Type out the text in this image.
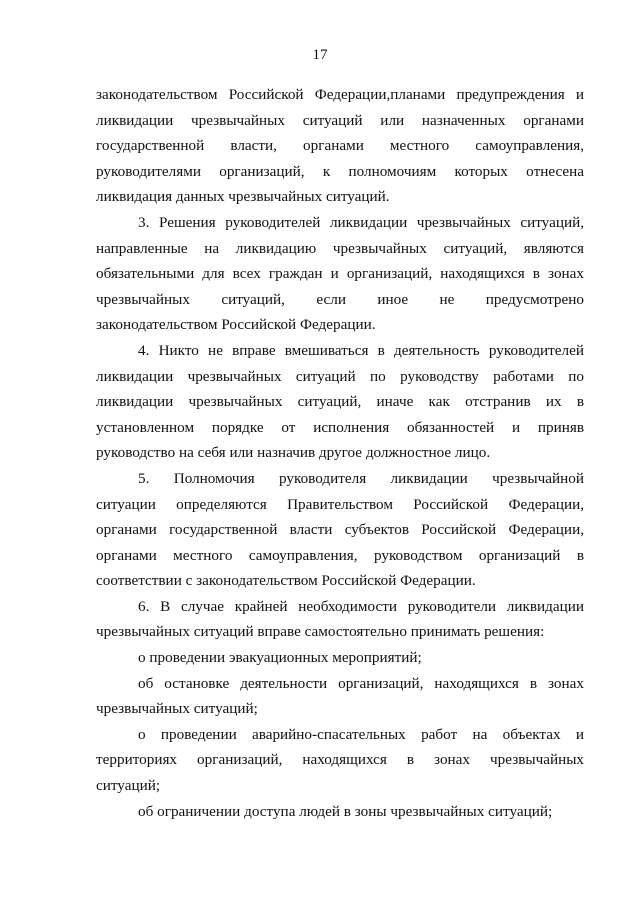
17
законодательством Российской Федерации,планами предупреждения и
ликвидации чрезвычайных ситуаций или назначенных органами
государственной власти, органами местного самоуправления,
руководителями организаций, к полномочиям которых отнесена
ликвидация данных чрезвычайных ситуаций.
3. Решения руководителей ликвидации чрезвычайных ситуаций,
направленные на ликвидацию чрезвычайных ситуаций, являются
обязательными для всех граждан и организаций, находящихся в зонах
чрезвычайных ситуаций, если иное не предусмотрено
законодательством Российской Федерации.
4. Никто не вправе вмешиваться в деятельность руководителей
ликвидации чрезвычайных ситуаций по руководству работами по
ликвидации чрезвычайных ситуаций, иначе как отстранив их в
установленном порядке от исполнения обязанностей и приняв
руководство на себя или назначив другое должностное лицо.
5. Полномочия руководителя ликвидации чрезвычайной
ситуации определяются Правительством Российской Федерации,
органами государственной власти субъектов Российской Федерации,
органами местного самоуправления, руководством организаций в
соответствии с законодательством Российской Федерации.
6. В случае крайней необходимости руководители ликвидации
чрезвычайных ситуаций вправе самостоятельно принимать решения:
о проведении эвакуационных мероприятий;
об остановке деятельности организаций, находящихся в зонах
чрезвычайных ситуаций;
о проведении аварийно-спасательных работ на объектах и
территориях организаций, находящихся в зонах чрезвычайных
ситуаций;
об ограничении доступа людей в зоны чрезвычайных ситуаций;
